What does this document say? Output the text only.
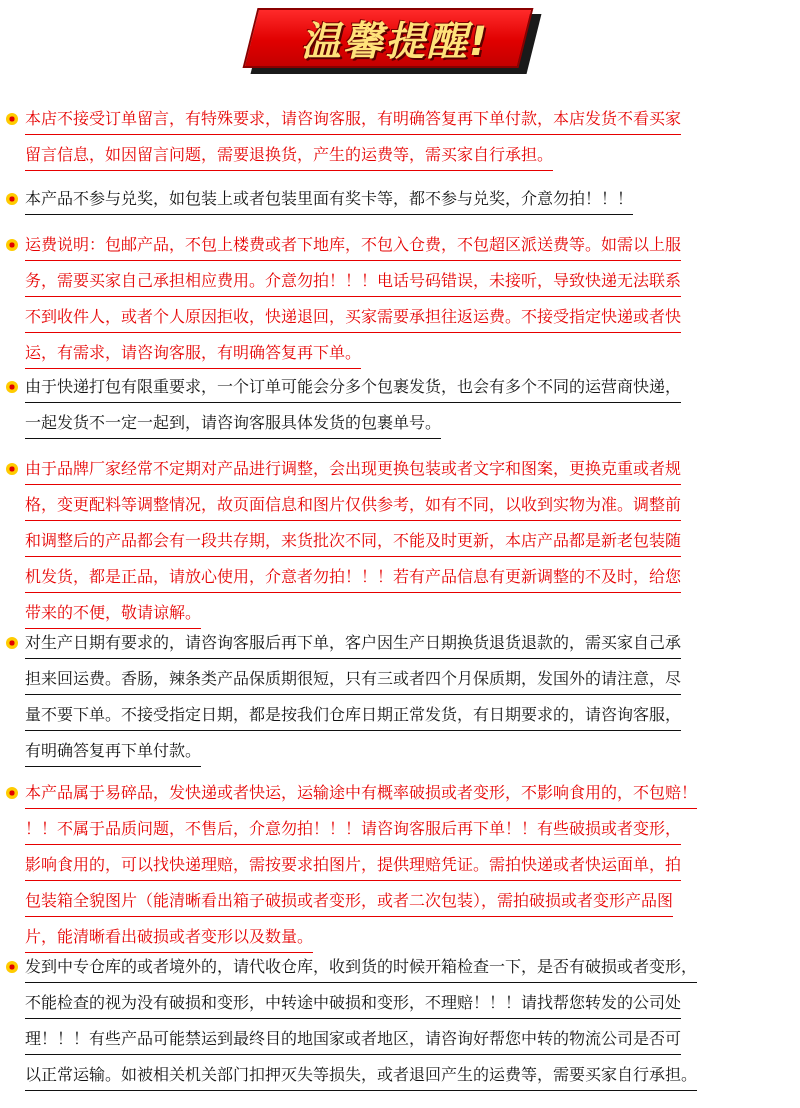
温馨提醒!
本店不接受订单留言，有特殊要求，请咨询客服，有明确答复再下单付款，本店发货不看买家
留言信息，如因留言问题，需要退换货，产生的运费等，需买家自行承担。
本产品不参与兑奖，如包装上或者包装里面有奖卡等，都不参与兑奖，介意勿拍！！！
运费说明：包邮产品，不包上楼费或者下地库，不包入仓费，不包超区派送费等。如需以上服
务，需要买家自己承担相应费用。介意勿拍！！！电话号码错误，未接听，导致快递无法联系
不到收件人，或者个人原因拒收，快递退回，买家需要承担往返运费。不接受指定快递或者快
运，有需求，请咨询客服，有明确答复再下单。
由于快递打包有限重要求，一个订单可能会分多个包裹发货，也会有多个不同的运营商快递，
一起发货不一定一起到，请咨询客服具体发货的包裹单号。
由于品牌厂家经常不定期对产品进行调整，会出现更换包装或者文字和图案，更换克重或者规
格，变更配料等调整情况，故页面信息和图片仅供参考，如有不同，以收到实物为准。调整前
和调整后的产品都会有一段共存期，来货批次不同，不能及时更新，本店产品都是新老包装随
机发货，都是正品，请放心使用，介意者勿拍！！！若有产品信息有更新调整的不及时，给您
带来的不便，敬请谅解。
对生产日期有要求的，请咨询客服后再下单，客户因生产日期换货退货退款的，需买家自己承
担来回运费。香肠，辣条类产品保质期很短，只有三或者四个月保质期，发国外的请注意，尽
量不要下单。不接受指定日期，都是按我们仓库日期正常发货，有日期要求的，请咨询客服，
有明确答复再下单付款。
本产品属于易碎品，发快递或者快运，运输途中有概率破损或者变形，不影响食用的，不包赔！
！！不属于品质问题，不售后，介意勿拍！！！请咨询客服后再下单！！有些破损或者变形，
影响食用的，可以找快递理赔，需按要求拍图片，提供理赔凭证。需拍快递或者快运面单，拍
包装箱全貌图片（能清晰看出箱子破损或者变形，或者二次包装），需拍破损或者变形产品图
片，能清晰看出破损或者变形以及数量。
发到中专仓库的或者境外的，请代收仓库，收到货的时候开箱检查一下，是否有破损或者变形，
不能检查的视为没有破损和变形，中转途中破损和变形，不理赔！！！请找帮您转发的公司处
理！！！有些产品可能禁运到最终目的地国家或者地区，请咨询好帮您中转的物流公司是否可
以正常运输。如被相关机关部门扣押灭失等损失，或者退回产生的运费等，需要买家自行承担。
